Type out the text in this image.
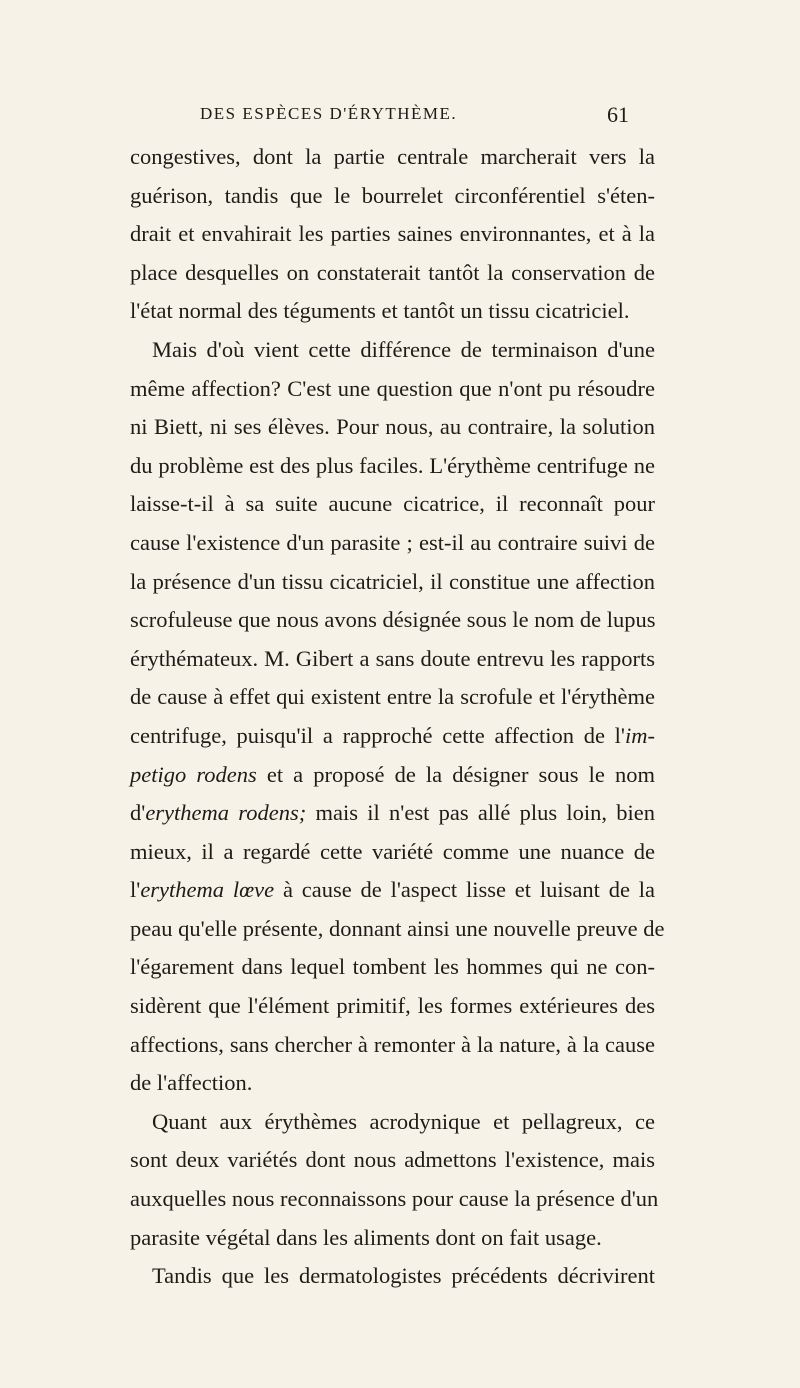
DES ESPÈCES D'ÉRYTHÈME.	61

congestives, dont la partie centrale marcherait vers la
guérison, tandis que le bourrelet circonférentiel s'éten-
drait et envahirait les parties saines environnantes, et à la
place desquelles on constaterait tantôt la conservation de
l'état normal des téguments et tantôt un tissu cicatriciel.

Mais d'où vient cette différence de terminaison d'une
même affection? C'est une question que n'ont pu résoudre
ni Biett, ni ses élèves. Pour nous, au contraire, la solution
du problème est des plus faciles. L'érythème centrifuge ne
laisse-t-il à sa suite aucune cicatrice, il reconnaît pour
cause l'existence d'un parasite ; est-il au contraire suivi de
la présence d'un tissu cicatriciel, il constitue une affection
scrofuleuse que nous avons désignée sous le nom de lupus
érythémateux. M. Gibert a sans doute entrevu les rapports
de cause à effet qui existent entre la scrofule et l'érythème
centrifuge, puisqu'il a rapproché cette affection de l'im-
petigo rodens et a proposé de la désigner sous le nom
d'erythema rodens; mais il n'est pas allé plus loin, bien
mieux, il a regardé cette variété comme une nuance de
l'erythema lœve à cause de l'aspect lisse et luisant de la
peau qu'elle présente, donnant ainsi une nouvelle preuve de
l'égarement dans lequel tombent les hommes qui ne con-
sidèrent que l'élément primitif, les formes extérieures des
affections, sans chercher à remonter à la nature, à la cause
de l'affection.

Quant aux érythèmes acrodynique et pellagreux, ce
sont deux variétés dont nous admettons l'existence, mais
auxquelles nous reconnaissons pour cause la présence d'un
parasite végétal dans les aliments dont on fait usage.

Tandis que les dermatologistes précédents décrivirent
